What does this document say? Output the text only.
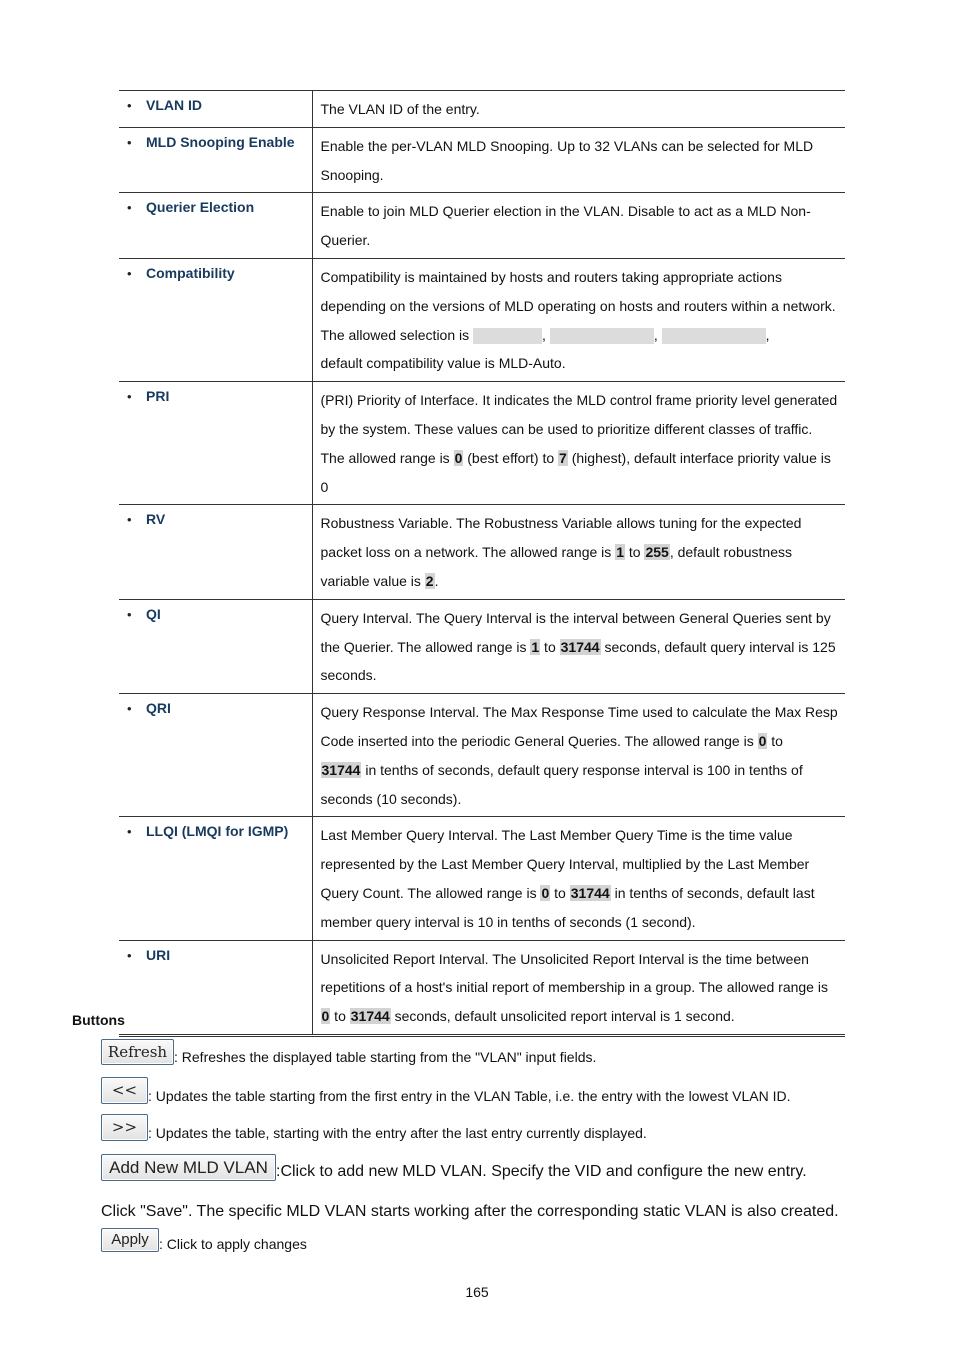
• VLAN ID	The VLAN ID of the entry.
• MLD Snooping Enable	Enable the per-VLAN MLD Snooping. Up to 32 VLANs can be selected for MLD Snooping.
• Querier Election	Enable to join MLD Querier election in the VLAN. Disable to act as a MLD Non-Querier.
• Compatibility	Compatibility is maintained by hosts and routers taking appropriate actions depending on the versions of MLD operating on hosts and routers within a network. The allowed selection is , , ,
default compatibility value is MLD-Auto.
• PRI	(PRI) Priority of Interface. It indicates the MLD control frame priority level generated by the system. These values can be used to prioritize different classes of traffic. The allowed range is 0 (best effort) to 7 (highest), default interface priority value is 0
• RV	Robustness Variable. The Robustness Variable allows tuning for the expected packet loss on a network. The allowed range is 1 to 255, default robustness variable value is 2.
• QI	Query Interval. The Query Interval is the interval between General Queries sent by the Querier. The allowed range is 1 to 31744 seconds, default query interval is 125 seconds.
• QRI	Query Response Interval. The Max Response Time used to calculate the Max Resp Code inserted into the periodic General Queries. The allowed range is 0 to
31744 in tenths of seconds, default query response interval is 100 in tenths of seconds (10 seconds).
• LLQI (LMQI for IGMP)	Last Member Query Interval. The Last Member Query Time is the time value represented by the Last Member Query Interval, multiplied by the Last Member Query Count. The allowed range is 0 to 31744 in tenths of seconds, default last member query interval is 10 in tenths of seconds (1 second).
• URI	Unsolicited Report Interval. The Unsolicited Report Interval is the time between repetitions of a host's initial report of membership in a group. The allowed range is 0 to 31744 seconds, default unsolicited report interval is 1 second.
Buttons
Refresh : Refreshes the displayed table starting from the "VLAN" input fields.
<< : Updates the table starting from the first entry in the VLAN Table, i.e. the entry with the lowest VLAN ID.
>> : Updates the table, starting with the entry after the last entry currently displayed.
Add New MLD VLAN :Click to add new MLD VLAN. Specify the VID and configure the new entry.
Click "Save". The specific MLD VLAN starts working after the corresponding static VLAN is also created.
Apply : Click to apply changes
165
